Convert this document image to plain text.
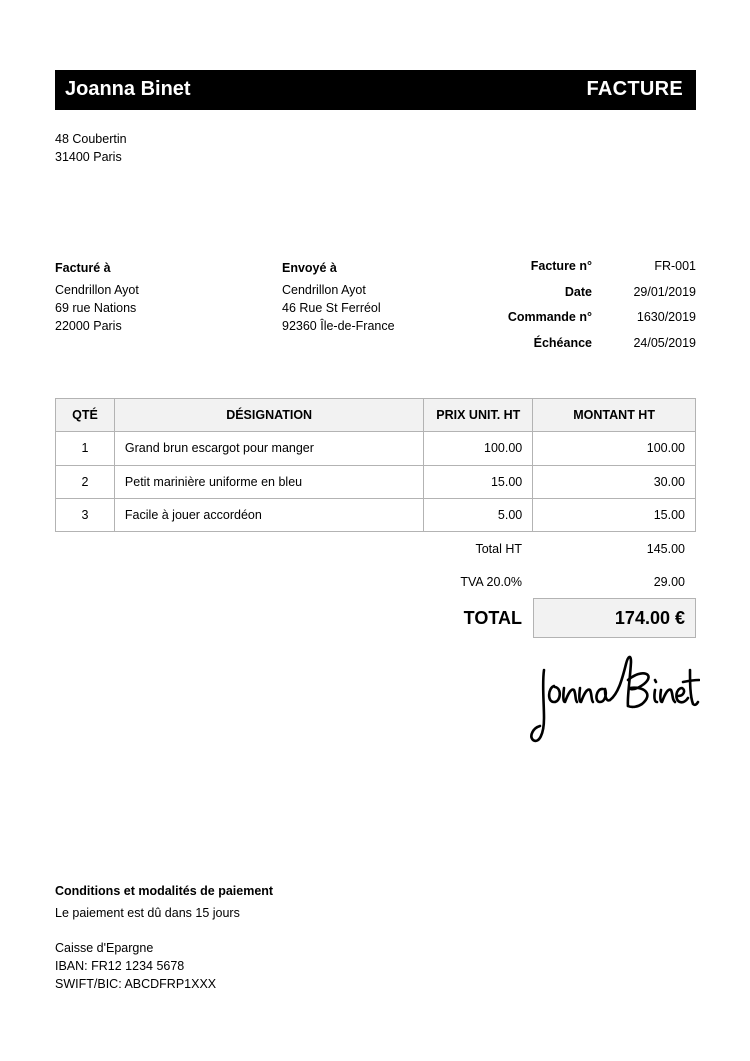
Joanna Binet	FACTURE
48 Coubertin
31400 Paris
Facturé à
Cendrillon Ayot
69 rue Nations
22000 Paris
Envoyé à
Cendrillon Ayot
46 Rue St Ferréol
92360 Île-de-France
Facture n°	FR-001
Date	29/01/2019
Commande n°	1630/2019
Échéance	24/05/2019
QTÉ	DÉSIGNATION	PRIX UNIT. HT	MONTANT HT
1	Grand brun escargot pour manger	100.00	100.00
2	Petit marinière uniforme en bleu	15.00	30.00
3	Facile à jouer accordéon	5.00	15.00
Total HT	145.00
TVA 20.0%	29.00
TOTAL	174.00 €
Conditions et modalités de paiement
Le paiement est dû dans 15 jours
Caisse d'Epargne
IBAN: FR12 1234 5678
SWIFT/BIC: ABCDFRP1XXX
